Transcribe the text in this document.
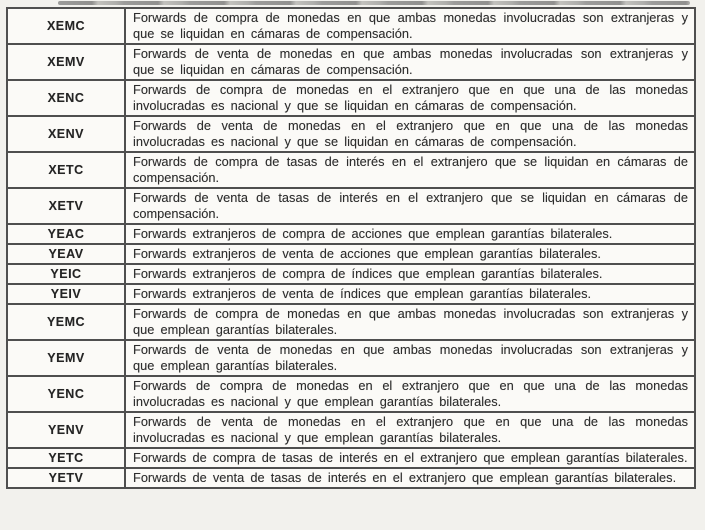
XEMC	Forwards de compra de monedas en que ambas monedas involucradas son extranjeras y que se liquidan en cámaras de compensación.
XEMV	Forwards de venta de monedas en que ambas monedas involucradas son extranjeras y que se liquidan en cámaras de compensación.
XENC	Forwards de compra de monedas en el extranjero que en que una de las monedas involucradas es nacional y que se liquidan en cámaras de compensación.
XENV	Forwards de venta de monedas en el extranjero que en que una de las monedas involucradas es nacional y que se liquidan en cámaras de compensación.
XETC	Forwards de compra de tasas de interés en el extranjero que se liquidan en cámaras de compensación.
XETV	Forwards de venta de tasas de interés en el extranjero que se liquidan en cámaras de compensación.
YEAC	Forwards extranjeros de compra de acciones que emplean garantías bilaterales.
YEAV	Forwards extranjeros de venta de acciones que emplean garantías bilaterales.
YEIC	Forwards extranjeros de compra de índices que emplean garantías bilaterales.
YEIV	Forwards extranjeros de venta de índices que emplean garantías bilaterales.
YEMC	Forwards de compra de monedas en que ambas monedas involucradas son extranjeras y que emplean garantías bilaterales.
YEMV	Forwards de venta de monedas en que ambas monedas involucradas son extranjeras y que emplean garantías bilaterales.
YENC	Forwards de compra de monedas en el extranjero que en que una de las monedas involucradas es nacional y que emplean garantías bilaterales.
YENV	Forwards de venta de monedas en el extranjero que en que una de las monedas involucradas es nacional y que emplean garantías bilaterales.
YETC	Forwards de compra de tasas de interés en el extranjero que emplean garantías bilaterales.
YETV	Forwards de venta de tasas de interés en el extranjero que emplean garantías bilaterales.
